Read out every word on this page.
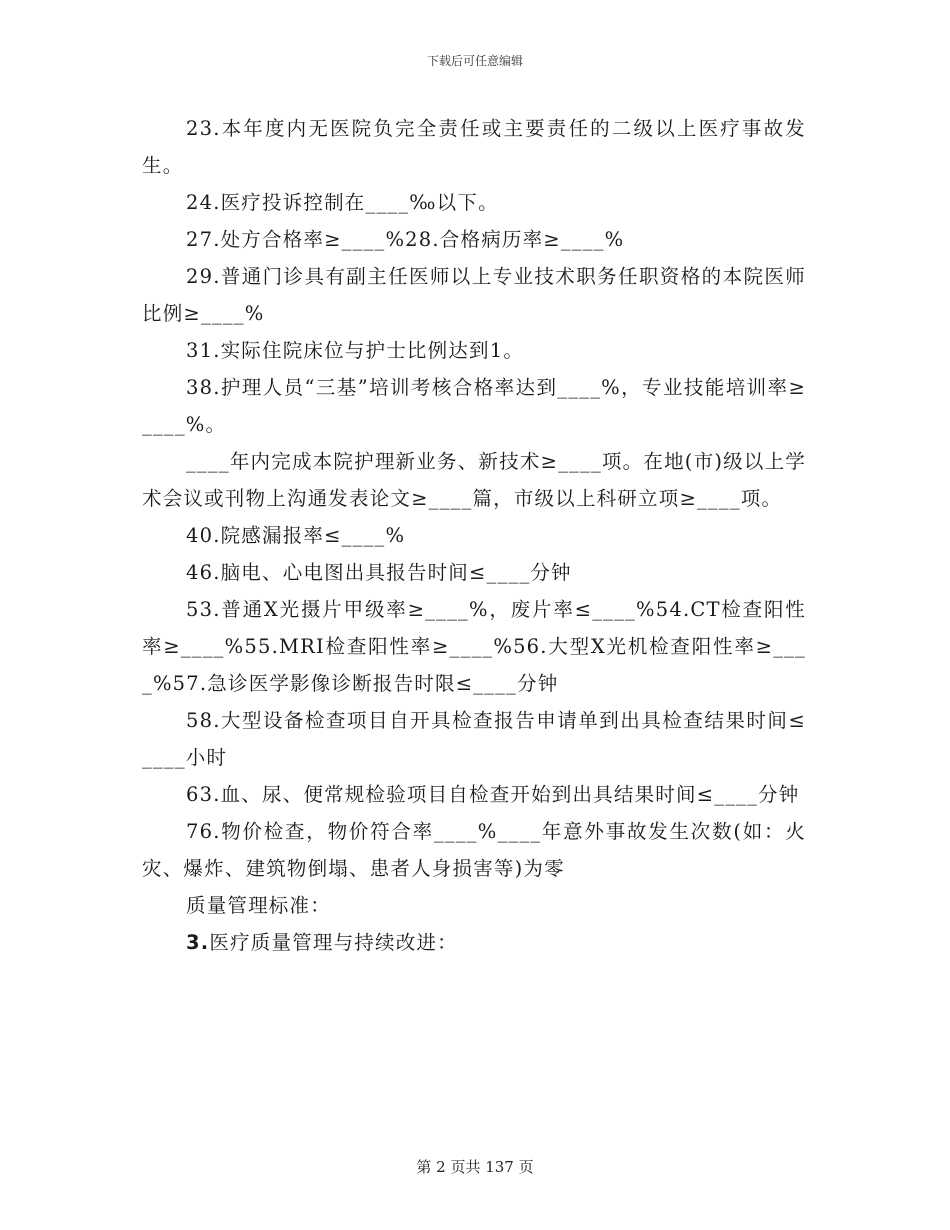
下载后可任意编辑

23.本年度内无医院负完全责任或主要责任的二级以上医疗事故发生。

24.医疗投诉控制在____‰以下。

27.处方合格率≥____%28.合格病历率≥____%

29.普通门诊具有副主任医师以上专业技术职务任职资格的本院医师比例≥____%

31.实际住院床位与护士比例达到1。

38.护理人员“三基”培训考核合格率达到____%，专业技能培训率≥____%。

____年内完成本院护理新业务、新技术≥____项。在地(市)级以上学术会议或刊物上沟通发表论文≥____篇，市级以上科研立项≥____项。

40.院感漏报率≤____%

46.脑电、心电图出具报告时间≤____分钟

53.普通X光摄片甲级率≥____%，废片率≤____%54.CT检查阳性率≥____%55.MRI检查阳性率≥____%56.大型X光机检查阳性率≥____%57.急诊医学影像诊断报告时限≤____分钟

58.大型设备检查项目自开具检查报告申请单到出具检查结果时间≤____小时

63.血、尿、便常规检验项目自检查开始到出具结果时间≤____分钟

76.物价检查，物价符合率____%____年意外事故发生次数(如：火灾、爆炸、建筑物倒塌、患者人身损害等)为零

质量管理标准：

3.医疗质量管理与持续改进：

第 2 页共 137 页
